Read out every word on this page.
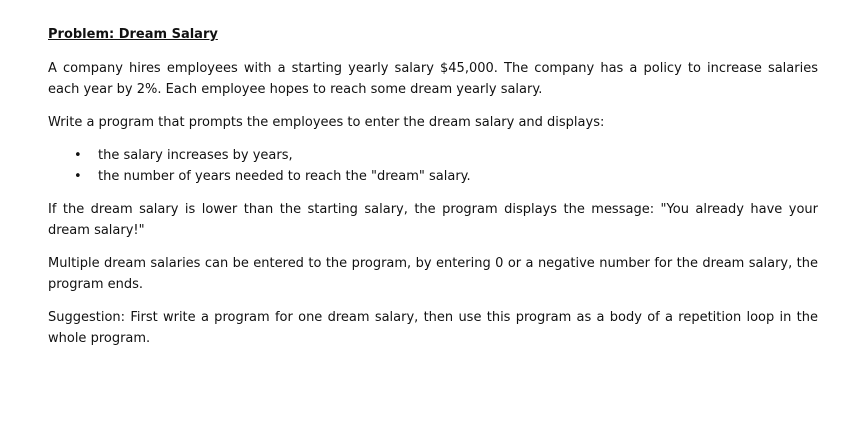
Problem: Dream Salary

A company hires employees with a starting yearly salary $45,000. The company has a policy to increase salaries each year by 2%. Each employee hopes to reach some dream yearly salary.

Write a program that prompts the employees to enter the dream salary and displays:

• the salary increases by years,
• the number of years needed to reach the "dream" salary.

If the dream salary is lower than the starting salary, the program displays the message: "You already have your dream salary!"

Multiple dream salaries can be entered to the program, by entering 0 or a negative number for the dream salary, the program ends.

Suggestion: First write a program for one dream salary, then use this program as a body of a repetition loop in the whole program.
